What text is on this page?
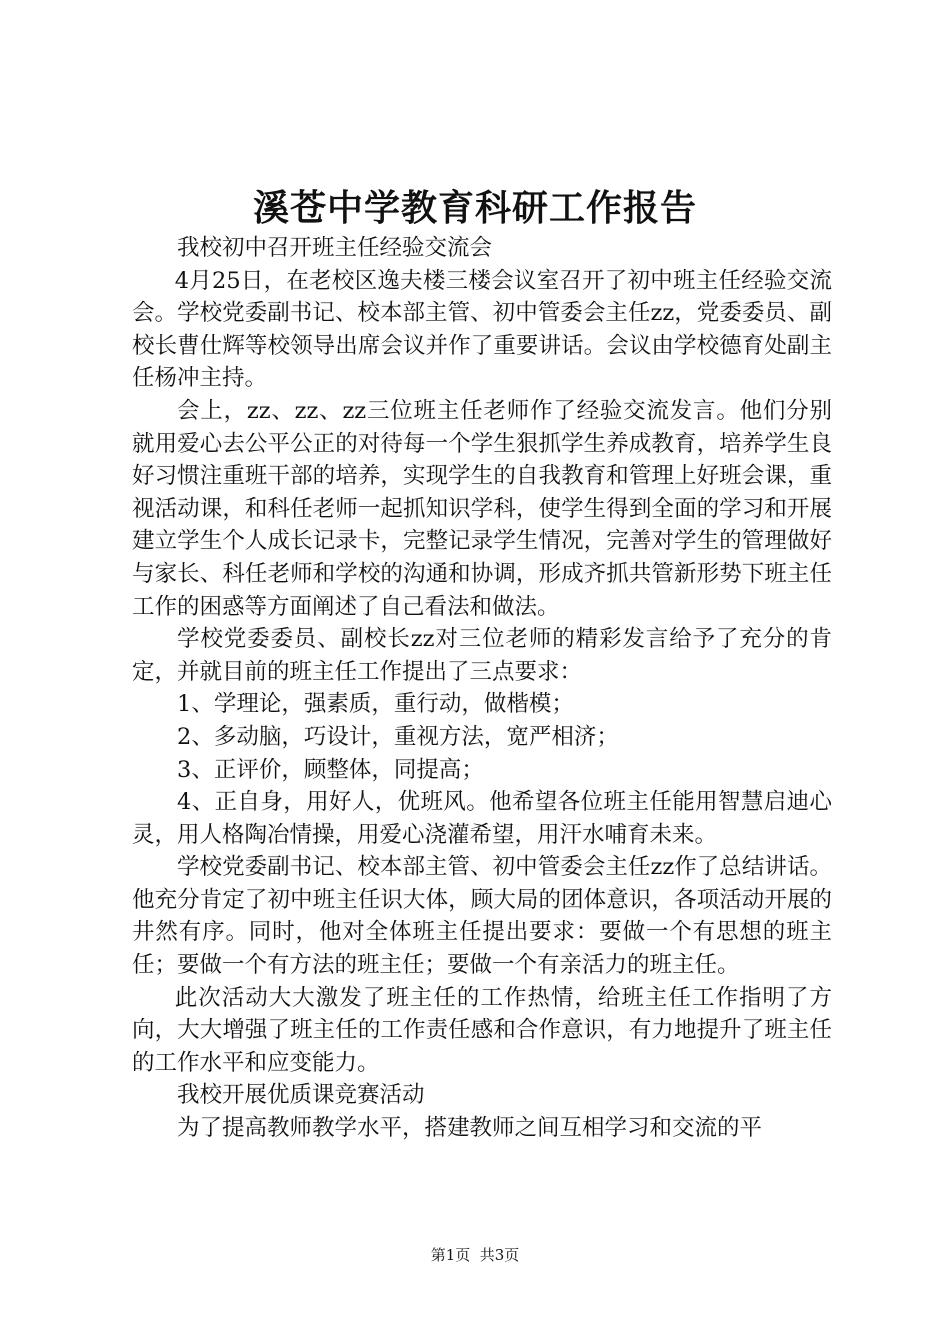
溪苍中学教育科研工作报告

我校初中召开班主任经验交流会

4月25日，在老校区逸夫楼三楼会议室召开了初中班主任经验交流会。学校党委副书记、校本部主管、初中管委会主任zz，党委委员、副校长曹仕辉等校领导出席会议并作了重要讲话。会议由学校德育处副主任杨冲主持。

会上，zz、zz、zz三位班主任老师作了经验交流发言。他们分别就用爱心去公平公正的对待每一个学生狠抓学生养成教育，培养学生良好习惯注重班干部的培养，实现学生的自我教育和管理上好班会课，重视活动课，和科任老师一起抓知识学科，使学生得到全面的学习和开展建立学生个人成长记录卡，完整记录学生情况，完善对学生的管理做好与家长、科任老师和学校的沟通和协调，形成齐抓共管新形势下班主任工作的困惑等方面阐述了自己看法和做法。

学校党委委员、副校长zz对三位老师的精彩发言给予了充分的肯定，并就目前的班主任工作提出了三点要求：

1、学理论，强素质，重行动，做楷模；

2、多动脑，巧设计，重视方法，宽严相济；

3、正评价，顾整体，同提高；

4、正自身，用好人，优班风。他希望各位班主任能用智慧启迪心灵，用人格陶冶情操，用爱心浇灌希望，用汗水哺育未来。

学校党委副书记、校本部主管、初中管委会主任zz作了总结讲话。他充分肯定了初中班主任识大体，顾大局的团体意识，各项活动开展的井然有序。同时，他对全体班主任提出要求：要做一个有思想的班主任；要做一个有方法的班主任；要做一个有亲活力的班主任。

此次活动大大激发了班主任的工作热情，给班主任工作指明了方向，大大增强了班主任的工作责任感和合作意识，有力地提升了班主任的工作水平和应变能力。

我校开展优质课竞赛活动

为了提高教师教学水平，搭建教师之间互相学习和交流的平

第1页  共3页
